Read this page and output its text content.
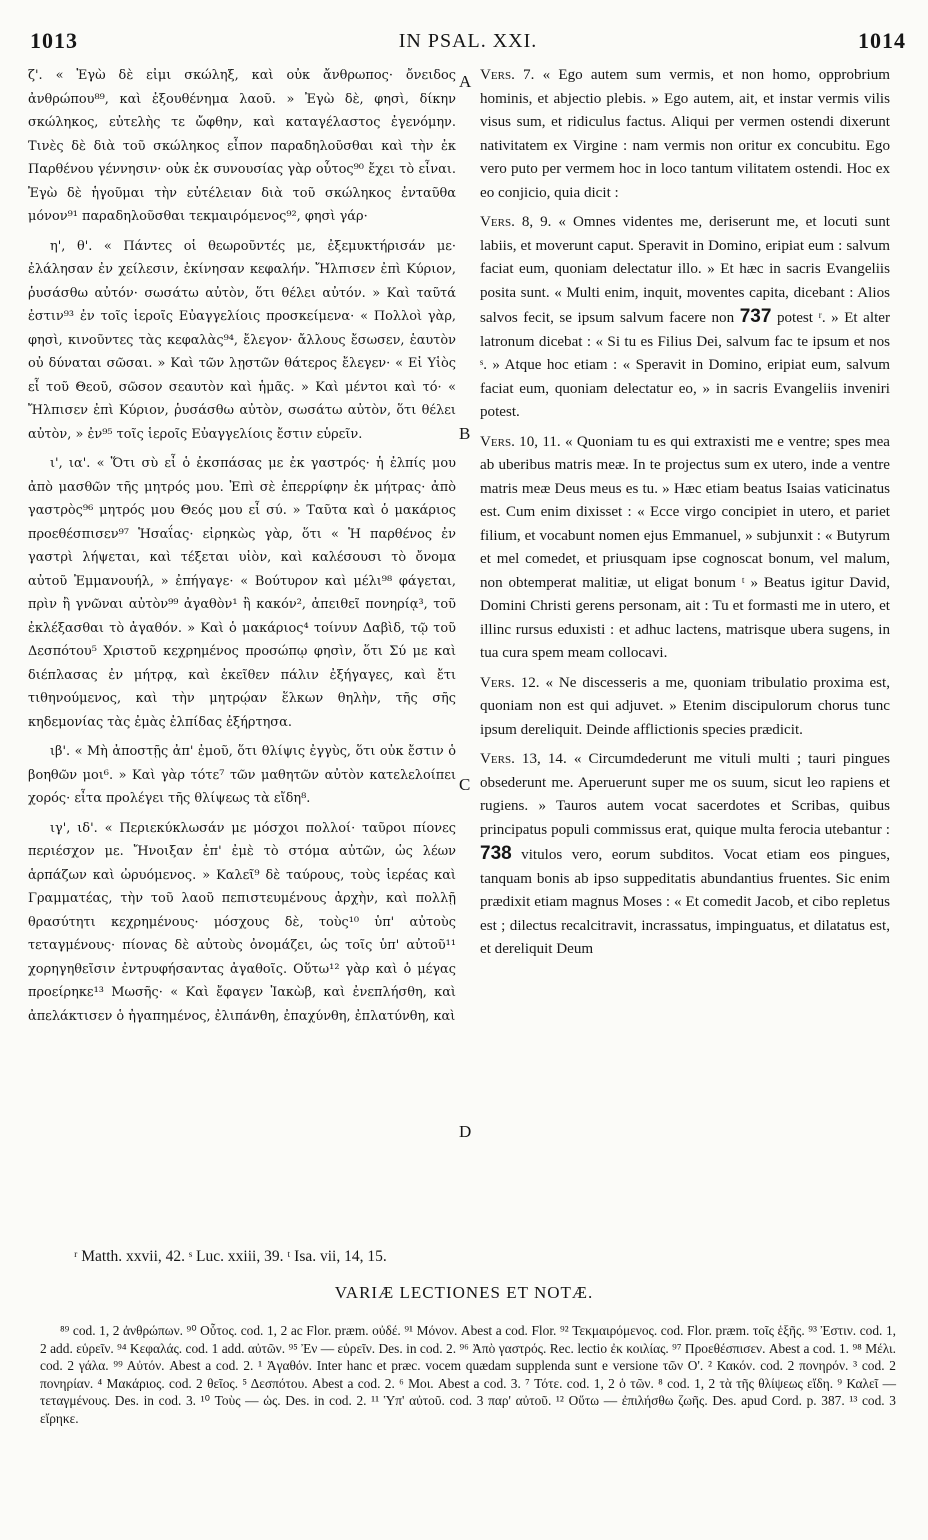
1013	IN PSAL. XXI.	1014

ζ'. « Ἐγὼ δὲ εἰμι σκώληξ, καὶ οὐκ ἄνθρωπος· ὄνειδος ἀνθρώπου⁸⁹, καὶ ἐξουθένημα λαοῦ. » Ἐγὼ δὲ, φησὶ, δίκην σκώληκος, εὐτελὴς τε ὤφθην, καὶ καταγέλαστος ἐγενόμην. Τινὲς δὲ διὰ τοῦ σκώληκος εἶπον παραδηλοῦσθαι καὶ τὴν ἐκ Παρθένου γέννησιν· οὐκ ἐκ συνουσίας γὰρ οὗτος⁹⁰ ἔχει τὸ εἶναι. Ἐγὼ δὲ ἡγοῦμαι τὴν εὐτέλειαν διὰ τοῦ σκώληκος ἐνταῦθα μόνον⁹¹ παραδηλοῦσθαι τεκμαιρόμενος⁹², φησὶ γάρ·

η', θ'. « Πάντες οἱ θεωροῦντές με, ἐξεμυκτήρισάν με· ἐλάλησαν ἐν χείλεσιν, ἐκίνησαν κεφαλήν. Ἤλπισεν ἐπὶ Κύριον, ῥυσάσθω αὐτόν· σωσάτω αὐτὸν, ὅτι θέλει αὐτόν. » Καὶ ταῦτά ἐστιν⁹³ ἐν τοῖς ἱεροῖς Εὐαγγελίοις προσκείμενα· « Πολλοὶ γὰρ, φησὶ, κινοῦντες τὰς κεφαλὰς⁹⁴, ἔλεγον· ἄλλους ἔσωσεν, ἑαυτὸν οὐ δύναται σῶσαι. » Καὶ τῶν λῃστῶν θάτερος ἔλεγεν· « Εἰ Υἱὸς εἶ τοῦ Θεοῦ, σῶσον σεαυτὸν καὶ ἡμᾶς. » Καὶ μέντοι καὶ τό· « Ἤλπισεν ἐπὶ Κύριον, ῥυσάσθω αὐτὸν, σωσάτω αὐτὸν, ὅτι θέλει αὐτὸν, » ἐν⁹⁵ τοῖς ἱεροῖς Εὐαγγελίοις ἔστιν εὑρεῖν.

ι', ια'. « Ὅτι σὺ εἶ ὁ ἐκσπάσας με ἐκ γαστρός· ἡ ἐλπίς μου ἀπὸ μασθῶν τῆς μητρός μου. Ἐπὶ σὲ ἐπερρίφην ἐκ μήτρας· ἀπὸ γαστρὸς⁹⁶ μητρός μου Θεός μου εἶ σύ. » Ταῦτα καὶ ὁ μακάριος προεθέσπισεν⁹⁷ Ἡσαΐας· εἰρηκὼς γὰρ, ὅτι « Ἡ παρθένος ἐν γαστρὶ λήψεται, καὶ τέξεται υἱὸν, καὶ καλέσουσι τὸ ὄνομα αὐτοῦ Ἐμμανουήλ, » ἐπήγαγε· « Βούτυρον καὶ μέλι⁹⁸ φάγεται, πρὶν ἢ γνῶναι αὐτὸν⁹⁹ ἀγαθὸν¹ ἢ κακόν², ἀπειθεῖ πονηρίᾳ³, τοῦ ἐκλέξασθαι τὸ ἀγαθόν. » Καὶ ὁ μακάριος⁴ τοίνυν Δαβὶδ, τῷ τοῦ Δεσπότου⁵ Χριστοῦ κεχρημένος προσώπῳ φησὶν, ὅτι Σύ με καὶ διέπλασας ἐν μήτρᾳ, καὶ ἐκεῖθεν πάλιν ἐξήγαγες, καὶ ἔτι τιθηνούμενος, καὶ τὴν μητρῴαν ἕλκων θηλὴν, τῆς σῆς κηδεμονίας τὰς ἐμὰς ἐλπίδας ἐξήρτησα.

ιβ'. « Μὴ ἀποστῇς ἀπ' ἐμοῦ, ὅτι θλίψις ἐγγὺς, ὅτι οὐκ ἔστιν ὁ βοηθῶν μοι⁶. » Καὶ γὰρ τότε⁷ τῶν μαθητῶν αὐτὸν κατελελοίπει χορός· εἶτα προλέγει τῆς θλίψεως τὰ εἴδη⁸.

ιγ', ιδ'. « Περιεκύκλωσάν με μόσχοι πολλοί· ταῦροι πίονες περιέσχον με. Ἤνοιξαν ἐπ' ἐμὲ τὸ στόμα αὐτῶν, ὡς λέων ἁρπάζων καὶ ὠρυόμενος. » Καλεῖ⁹ δὲ ταύρους, τοὺς ἱερέας καὶ Γραμματέας, τὴν τοῦ λαοῦ πεπιστευμένους ἀρχὴν, καὶ πολλῇ θρασύτητι κεχρημένους· μόσχους δὲ, τοὺς¹⁰ ὑπ' αὐτοὺς τεταγμένους· πίονας δὲ αὐτοὺς ὀνομάζει, ὡς τοῖς ὑπ' αὐτοῦ¹¹ χορηγηθεῖσιν ἐντρυφήσαντας ἀγαθοῖς. Οὕτω¹² γὰρ καὶ ὁ μέγας προείρηκε¹³ Μωσῆς· « Καὶ ἔφαγεν Ἰακὼβ, καὶ ἐνεπλήσθη, καὶ ἀπελάκτισεν ὁ ἠγαπημένος, ἐλιπάνθη, ἐπαχύνθη, ἐπλατύνθη, καὶ

A
B
C
D

Vers. 7. « Ego autem sum vermis, et non homo, opprobrium hominis, et abjectio plebis. » Ego autem, ait, et instar vermis vilis visus sum, et ridiculus factus. Aliqui per vermen ostendi dixerunt nativitatem ex Virgine : nam vermis non oritur ex concubitu. Ego vero puto per vermem hoc in loco tantum vilitatem ostendi. Hoc ex eo conjicio, quia dicit :

Vers. 8, 9. « Omnes videntes me, deriserunt me, et locuti sunt labiis, et moverunt caput. Speravit in Domino, eripiat eum : salvum faciat eum, quoniam delectatur illo. » Et hæc in sacris Evangeliis posita sunt. « Multi enim, inquit, moventes capita, dicebant : Alios salvos fecit, se ipsum salvum facere non 737 potest ʳ. » Et alter latronum dicebat : « Si tu es Filius Dei, salvum fac te ipsum et nos ˢ. » Atque hoc etiam : « Speravit in Domino, eripiat eum, salvum faciat eum, quoniam delectatur eo, » in sacris Evangeliis inveniri potest.

Vers. 10, 11. « Quoniam tu es qui extraxisti me e ventre; spes mea ab uberibus matris meæ. In te projectus sum ex utero, inde a ventre matris meæ Deus meus es tu. » Hæc etiam beatus Isaias vaticinatus est. Cum enim dixisset : « Ecce virgo concipiet in utero, et pariet filium, et vocabunt nomen ejus Emmanuel, » subjunxit : « Butyrum et mel comedet, et priusquam ipse cognoscat bonum, vel malum, non obtemperat malitiæ, ut eligat bonum ᵗ » Beatus igitur David, Domini Christi gerens personam, ait : Tu et formasti me in utero, et illinc rursus eduxisti : et adhuc lactens, matrisque ubera sugens, in tua cura spem meam collocavi.

Vers. 12. « Ne discesseris a me, quoniam tribulatio proxima est, quoniam non est qui adjuvet. » Etenim discipulorum chorus tunc ipsum dereliquit. Deinde afflictionis species prædicit.

Vers. 13, 14. « Circumdederunt me vituli multi ; tauri pingues obsederunt me. Aperuerunt super me os suum, sicut leo rapiens et rugiens. » Tauros autem vocat sacerdotes et Scribas, quibus principatus populi commissus erat, quique multa ferocia utebantur : 738 vitulos vero, eorum subditos. Vocat etiam eos pingues, tanquam bonis ab ipso suppeditatis abundantius fruentes. Sic enim prædixit etiam magnus Moses : « Et comedit Jacob, et cibo repletus est ; dilectus recalcitravit, incrassatus, impinguatus, et dilatatus est, et dereliquit Deum

ʳ Matth. xxvii, 42. ˢ Luc. xxiii, 39. ᵗ Isa. vii, 14, 15.
VARIÆ LECTIONES ET NOTÆ.

⁸⁹ cod. 1, 2 ἀνθρώπων. ⁹⁰ Οὗτος. cod. 1, 2 ac Flor. præm. οὐδέ. ⁹¹ Μόνον. Abest a cod. Flor. ⁹² Τεκμαιρόμενος. cod. Flor. præm. τοῖς ἑξῆς. ⁹³ Ἐστιν. cod. 1, 2 add. εὑρεῖν. ⁹⁴ Κεφαλάς. cod. 1 add. αὐτῶν. ⁹⁵ Ἐν — εὑρεῖν. Des. in cod. 2. ⁹⁶ Ἀπὸ γαστρός. Rec. lectio ἐκ κοιλίας. ⁹⁷ Προεθέσπισεν. Abest a cod. 1. ⁹⁸ Μέλι. cod. 2 γάλα. ⁹⁹ Αὐτόν. Abest a cod. 2. ¹ Ἀγαθόν. Inter hanc et præc. vocem quædam supplenda sunt e versione τῶν Ο'. ² Κακόν. cod. 2 πονηρόν. ³ cod. 2 πονηρίαν. ⁴ Μακάριος. cod. 2 θεῖος. ⁵ Δεσπότου. Abest a cod. 2. ⁶ Μοι. Abest a cod. 3. ⁷ Τότε. cod. 1, 2 ὁ τῶν. ⁸ cod. 1, 2 τὰ τῆς θλίψεως εἴδη. ⁹ Καλεῖ — τεταγμένους. Des. in cod. 3. ¹⁰ Τοὺς — ὡς. Des. in cod. 2. ¹¹ Ὑπ' αὐτοῦ. cod. 3 παρ' αὐτοῦ. ¹² Οὕτω — ἐπιλήσθω ζωῆς. Des. apud Cord. p. 387. ¹³ cod. 3 εἴρηκε.
